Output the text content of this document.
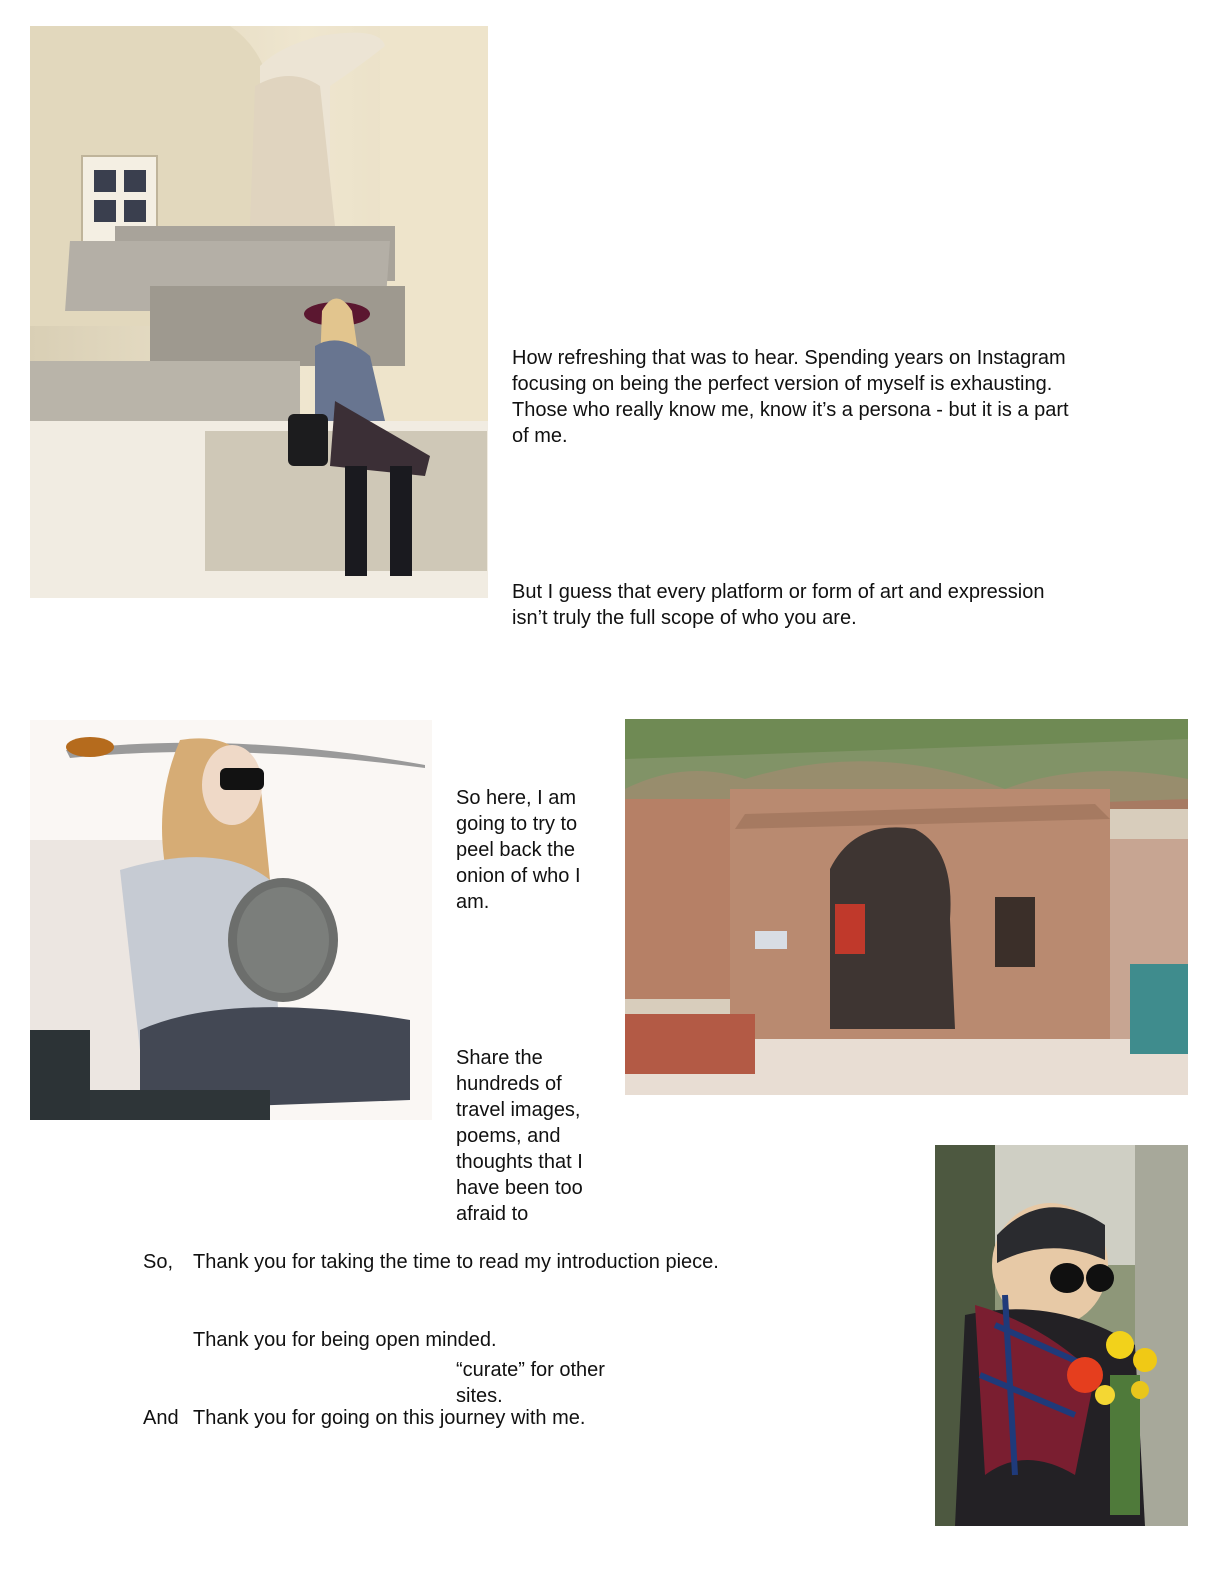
How refreshing that was to hear. Spending years on Instagram focusing on being the perfect version of myself is exhausting. Those who really know me, know it’s a persona - but it is a part of me.

But I guess that every platform or form of art and expression isn’t truly the full scope of who you are.

So here, I am going to try to peel back the onion of who I am.

Share the hundreds of travel images, poems, and thoughts that I have been too afraid to

“curate” for other sites.

So, Thank you for taking the time to read my introduction piece.

Thank you for being open minded.

And Thank you for going on this journey with me.
